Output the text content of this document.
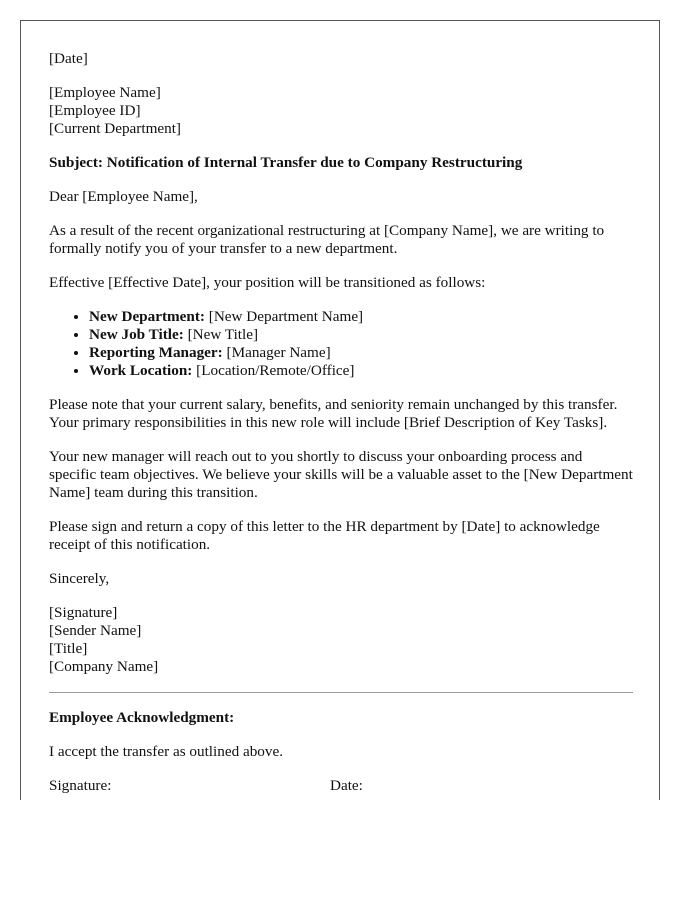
[Date]

[Employee Name]
[Employee ID]
[Current Department]

Subject: Notification of Internal Transfer due to Company Restructuring

Dear [Employee Name],

As a result of the recent organizational restructuring at [Company Name], we are writing to formally notify you of your transfer to a new department.

Effective [Effective Date], your position will be transitioned as follows:

• New Department: [New Department Name]
• New Job Title: [New Title]
• Reporting Manager: [Manager Name]
• Work Location: [Location/Remote/Office]

Please note that your current salary, benefits, and seniority remain unchanged by this transfer. Your primary responsibilities in this new role will include [Brief Description of Key Tasks].

Your new manager will reach out to you shortly to discuss your onboarding process and specific team objectives. We believe your skills will be a valuable asset to the [New Department Name] team during this transition.

Please sign and return a copy of this letter to the HR department by [Date] to acknowledge receipt of this notification.

Sincerely,

[Signature]
[Sender Name]
[Title]
[Company Name]

Employee Acknowledgment:

I accept the transfer as outlined above.

Signature:	Date:
